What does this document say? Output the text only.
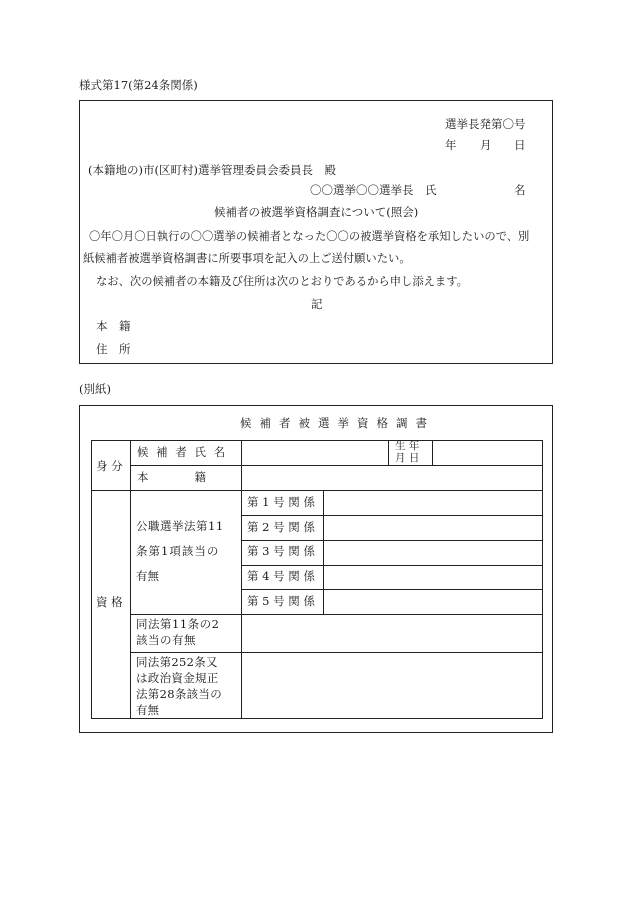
様式第17(第24条関係)
選挙長発第〇号
年 月 日
(本籍地の)市(区町村)選挙管理委員会委員長　殿
〇〇選挙〇〇選挙長　氏	名
候補者の被選挙資格調査について(照会)
〇年〇月〇日執行の〇〇選挙の候補者となった〇〇の被選挙資格を承知したいので、別
紙候補者被選挙資格調書に所要事項を記入の上ご送付願いたい。
なお、次の候補者の本籍及び住所は次のとおりであるから申し添えます。
記
本　籍
住　所
(別紙)
候補者被選挙資格調書
身 分
候 補 者 氏 名	生 年
月 日
本　　　　籍
資 格
公職選挙法第11
条第1項該当の
有無
第 1 号 関 係
第 2 号 関 係
第 3 号 関 係
第 4 号 関 係
第 5 号 関 係
同法第11条の2
該当の有無
同法第252条又
は政治資金規正
法第28条該当の
有無
